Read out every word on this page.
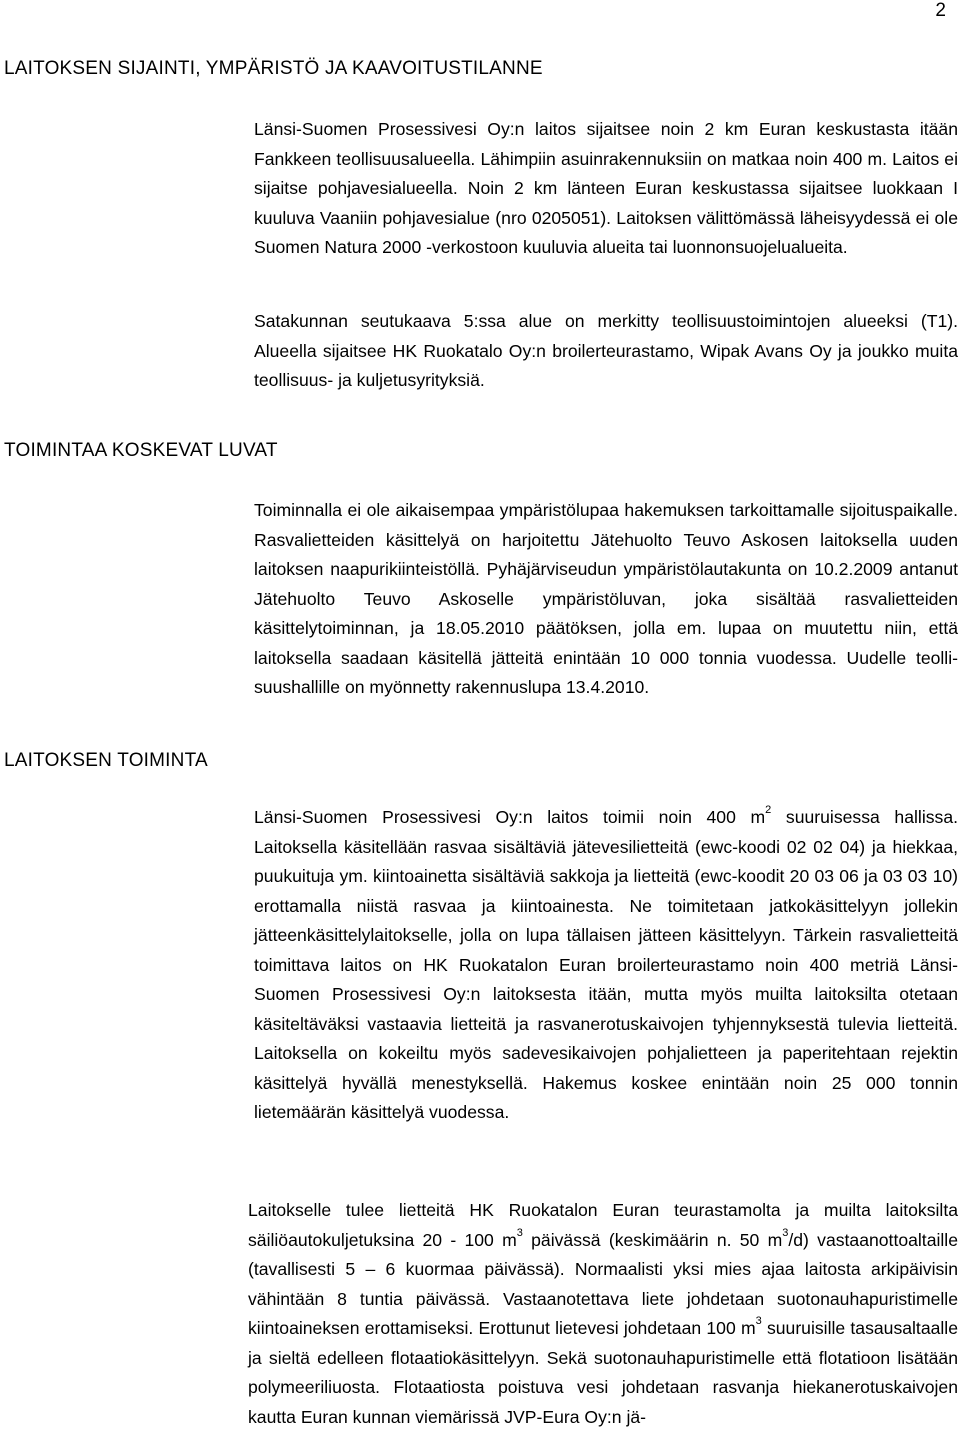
2
LAITOKSEN SIJAINTI, YMPÄRISTÖ JA KAAVOITUSTILANNE

Länsi-Suomen Prosessivesi Oy:n laitos sijaitsee noin 2 km Euran keskustasta itään Fankkeen teollisuusalueella. Lähimpiin asuinrakennuksiin on matkaa noin 400 m. Laitos ei sijaitse pohjavesialueella. Noin 2 km länteen Euran keskustassa sijaitsee luokkaan I kuuluva Vaaniin pohjavesialue (nro 0205051). Laitoksen välittömässä läheisyydessä ei ole Suomen Natura 2000 -verkostoon kuuluvia alueita tai luonnonsuojelualueita.

Satakunnan seutukaava 5:ssa alue on merkitty teollisuustoimintojen alueeksi (T1). Alueella sijaitsee HK Ruokatalo Oy:n broilerteurastamo, Wipak Avans Oy ja joukko muita teollisuus- ja kuljetusyrityksiä.

TOIMINTAA KOSKEVAT LUVAT

Toiminnalla ei ole aikaisempaa ympäristölupaa hakemuksen tarkoittamalle sijoituspaikalle. Rasvalietteiden käsittelyä on harjoitettu Jätehuolto Teuvo Askosen laitoksella uuden laitoksen naapurikiinteistöllä. Pyhäjärviseudun ympäristölautakunta on 10.2.2009 antanut Jätehuolto Teuvo Askoselle ympäristöluvan, joka sisältää rasvalietteiden käsittelytoiminnan, ja 18.05.2010 päätöksen, jolla em. lupaa on muutettu niin, että laitoksella saadaan käsitellä jätteitä enintään 10 000 tonnia vuodessa. Uudelle teollisuushallille on myönnetty rakennuslupa 13.4.2010.

LAITOKSEN TOIMINTA

Länsi-Suomen Prosessivesi Oy:n laitos toimii noin 400 $m^2$ suuruisessa hallissa. Laitoksella käsitellään rasvaa sisältäviä jätevesilietteitä (ewc-koodi 02 02 04) ja hiekkaa, puukuituja ym. kiintoainetta sisältäviä sakkoja ja lietteitä (ewc-koodit 20 03 06 ja 03 03 10) erottamalla niistä rasvaa ja kiintoainesta. Ne toimitetaan jatkokäsittelyyn jollekin jätteenkäsittelylaitokselle, jolla on lupa tällaisen jätteen käsittelyyn. Tärkein rasvalietteitä toimittava laitos on HK Ruokatalon Euran broilerteurastamo noin 400 metriä Länsi-Suomen Prosessivesi Oy:n laitoksesta itään, mutta myös muilta laitoksilta otetaan käsiteltäväksi vastaavia lietteitä ja rasvanerotuskaivojen tyhjennyksestä tulevia lietteitä. Laitoksella on kokeiltu myös sadevesikaivojen pohjalietteen ja paperitehtaan rejektin käsittelyä hyvällä menestyksellä. Hakemus koskee enintään noin 25 000 tonnin lietemäärän käsittelyä vuodessa.

Laitokselle tulee lietteitä HK Ruokatalon Euran teurastamolta ja muilta laitoksilta säiliöautokuljetuksina 20 - 100 $m^3$ päivässä (keskimäärin n. 50 $m^3/d$) vastaanottoaltaille (tavallisesti 5 – 6 kuormaa päivässä). Normaalisti yksi mies ajaa laitosta arkipäivisin vähintään 8 tuntia päivässä. Vastaanotettava liete johdetaan suotonauhapuristimelle kiintoaineksen erottamiseksi. Erottunut lietevesi johdetaan 100 $m^3$ suuruisille tasausaltaalle ja sieltä edelleen flotaatiokäsittelyyn. Sekä suotonauhapuristimelle että flotatioon lisätään polymeeriliuosta. Flotaatiosta poistuva vesi johdetaan rasvanja hiekanerotuskaivojen kautta Euran kunnan viemärissä JVP-Eura Oy:n jä-
